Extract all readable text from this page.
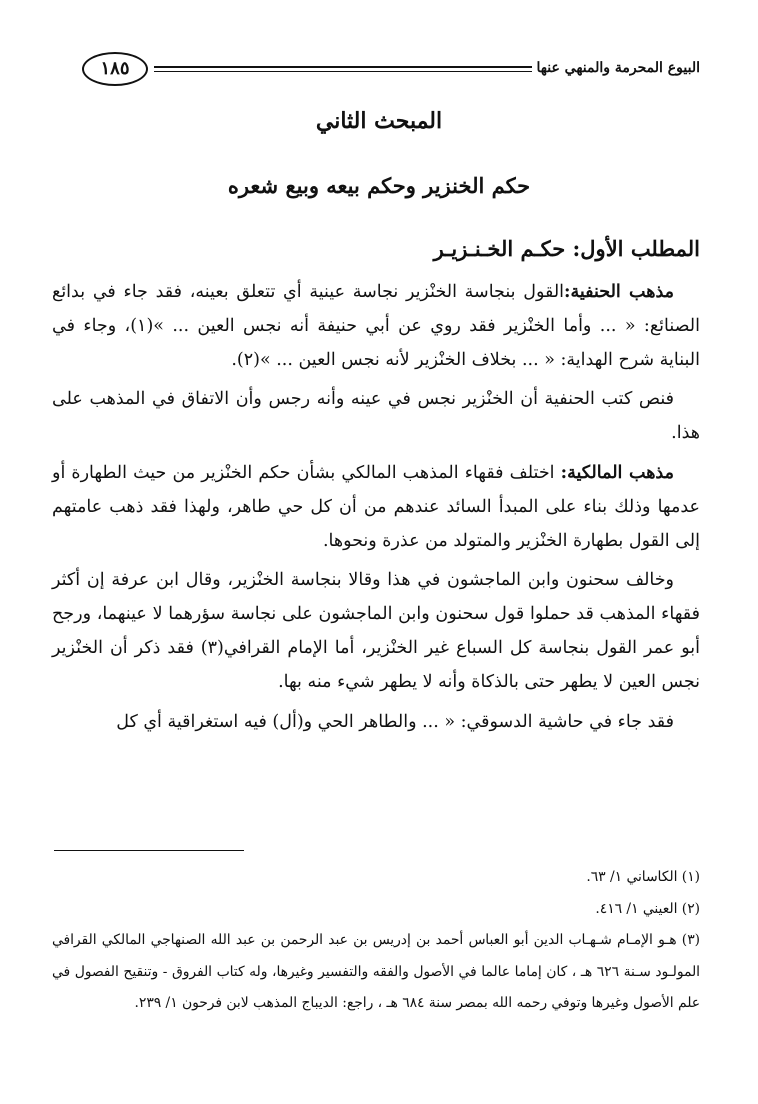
البيوع المحرمة والمنهي عنها
١٨٥
المبحث الثاني
حكم الخنزير وحكم بيعه وبيع شعره
المطلب الأول: حكـم الخـنـزيـر

مذهب الحنفية:القول بنجاسة الخنْزير نجاسة عينية أي تتعلق بعينه، فقد جاء في بدائع الصنائع: « ... وأما الخنْزير فقد روي عن أبي حنيفة أنه نجس العين ... »(١)، وجاء في البناية شرح الهداية: « ... بخلاف الخنْزير لأنه نجس العين ... »(٢).

فنص كتب الحنفية أن الخنْزير نجس في عينه وأنه رجس وأن الاتفاق في المذهب على هذا.

مذهب المالكية: اختلف فقهاء المذهب المالكي بشأن حكم الخنْزير من حيث الطهارة أو عدمها وذلك بناء على المبدأ السائد عندهم من أن كل حي طاهر، ولهذا فقد ذهب عامتهم إلى القول بطهارة الخنْزير والمتولد من عذرة ونحوها.

وخالف سحنون وابن الماجشون في هذا وقالا بنجاسة الخنْزير، وقال ابن عرفة إن أكثر فقهاء المذهب قد حملوا قول سحنون وابن الماجشون على نجاسة سؤرهما لا عينهما، ورجح أبو عمر القول بنجاسة كل السباع غير الخنْزير، أما الإمام القرافي(٣) فقد ذكر أن الخنْزير نجس العين لا يطهر حتى بالذكاة وأنه لا يطهر شيء منه بها.

فقد جاء في حاشية الدسوقي: « ... والطاهر الحي و(أل) فيه استغراقية أي كل

(١) الكاساني ١/ ٦٣.

(٢) العيني ١/ ٤١٦.

(٣) هـو الإمـام شـهـاب الدين أبو العباس أحمد بن إدريس بن عبد الرحمن بن عبد الله الصنهاجي المالكي القرافي المولـود سـنة ٦٢٦ هـ ، كان إماما عالما في الأصول والفقه والتفسير وغيرها، وله كتاب الفروق - وتنقيح الفصول في علم الأصول وغيرها وتوفي رحمه الله بمصر سنة ٦٨٤ هـ ، راجع: الديباج المذهب لابن فرحون ١/ ٢٣٩.
